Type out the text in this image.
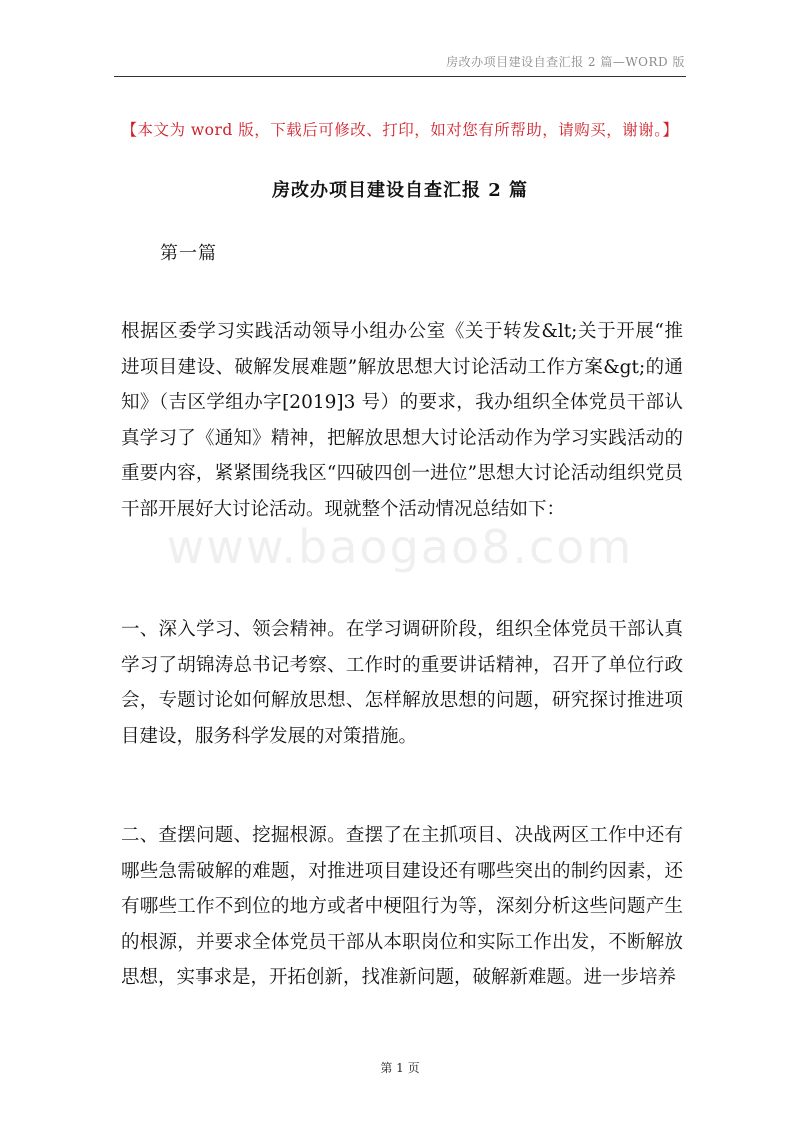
房改办项目建设自查汇报 2 篇—WORD 版
【本文为 word 版，下载后可修改、打印，如对您有所帮助，请购买，谢谢。】
房改办项目建设自查汇报 2 篇
第一篇

根据区委学习实践活动领导小组办公室《关于转发&lt;关于开展“推进项目建设、破解发展难题”解放思想大讨论活动工作方案&gt;的通知》（吉区学组办字[2019]3 号）的要求，我办组织全体党员干部认真学习了《通知》精神，把解放思想大讨论活动作为学习实践活动的重要内容，紧紧围绕我区“四破四创一进位”思想大讨论活动组织党员干部开展好大讨论活动。现就整个活动情况总结如下：

一、深入学习、领会精神。在学习调研阶段，组织全体党员干部认真学习了胡锦涛总书记考察、工作时的重要讲话精神，召开了单位行政会，专题讨论如何解放思想、怎样解放思想的问题，研究探讨推进项目建设，服务科学发展的对策措施。

二、查摆问题、挖掘根源。查摆了在主抓项目、决战两区工作中还有哪些急需破解的难题，对推进项目建设还有哪些突出的制约因素，还有哪些工作不到位的地方或者中梗阻行为等，深刻分析这些问题产生的根源，并要求全体党员干部从本职岗位和实际工作出发，不断解放思想，实事求是，开拓创新，找准新问题，破解新难题。进一步培养

www.baogao8.com
第 1 页
